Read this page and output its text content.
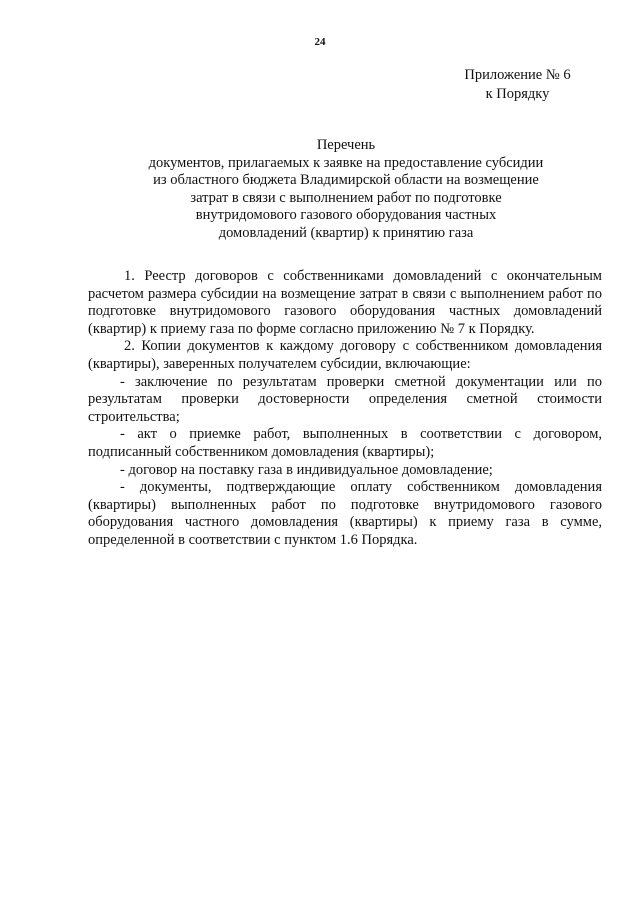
24
Приложение № 6
к Порядку
Перечень
документов, прилагаемых к заявке на предоставление субсидии
из областного бюджета Владимирской области на возмещение
затрат в связи с выполнением работ по подготовке
внутридомового газового оборудования частных
домовладений (квартир) к принятию газа

1. Реестр договоров с собственниками домовладений с окончательным расчетом размера субсидии на возмещение затрат в связи с выполнением работ по подготовке внутридомового газового оборудования частных домовладений (квартир) к приему газа по форме согласно приложению № 7 к Порядку.

2. Копии документов к каждому договору с собственником домовладения (квартиры), заверенных получателем субсидии, включающие:

- заключение по результатам проверки сметной документации или по результатам проверки достоверности определения сметной стоимости строительства;

- акт о приемке работ, выполненных в соответствии с договором, подписанный собственником домовладения (квартиры);

- договор на поставку газа в индивидуальное домовладение;

- документы, подтверждающие оплату собственником домовладения (квартиры) выполненных работ по подготовке внутридомового газового оборудования частного домовладения (квартиры) к приему газа в сумме, определенной в соответствии с пунктом 1.6 Порядка.
